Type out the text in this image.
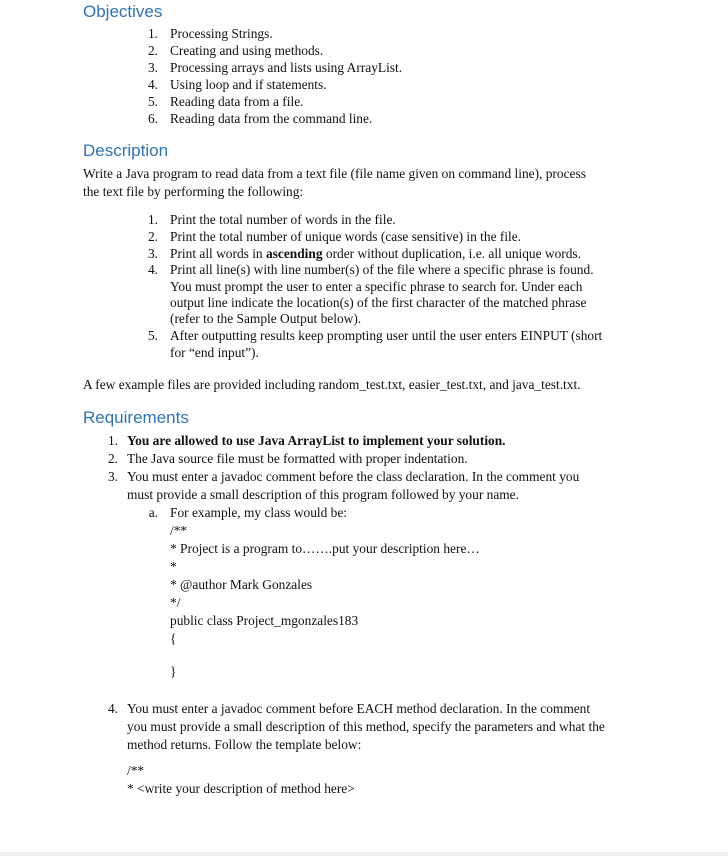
Objectives
1. Processing Strings.
2. Creating and using methods.
3. Processing arrays and lists using ArrayList.
4. Using loop and if statements.
5. Reading data from a file.
6. Reading data from the command line.
Description
Write a Java program to read data from a text file (file name given on command line), process
the text file by performing the following:
1. Print the total number of words in the file.
2. Print the total number of unique words (case sensitive) in the file.
3. Print all words in ascending order without duplication, i.e. all unique words.
4. Print all line(s) with line number(s) of the file where a specific phrase is found.
You must prompt the user to enter a specific phrase to search for. Under each
output line indicate the location(s) of the first character of the matched phrase
(refer to the Sample Output below).
5. After outputting results keep prompting user until the user enters EINPUT (short
for “end input”).
A few example files are provided including random_test.txt, easier_test.txt, and java_test.txt.
Requirements
1. You are allowed to use Java ArrayList to implement your solution.
2. The Java source file must be formatted with proper indentation.
3. You must enter a javadoc comment before the class declaration. In the comment you
must provide a small description of this program followed by your name.
a. For example, my class would be:
/**
* Project is a program to…….put your description here…
*
* @author Mark Gonzales
*/
public class Project_mgonzales183
{
}
4. You must enter a javadoc comment before EACH method declaration. In the comment
you must provide a small description of this method, specify the parameters and what the
method returns. Follow the template below:
/**
* <write your description of method here>
